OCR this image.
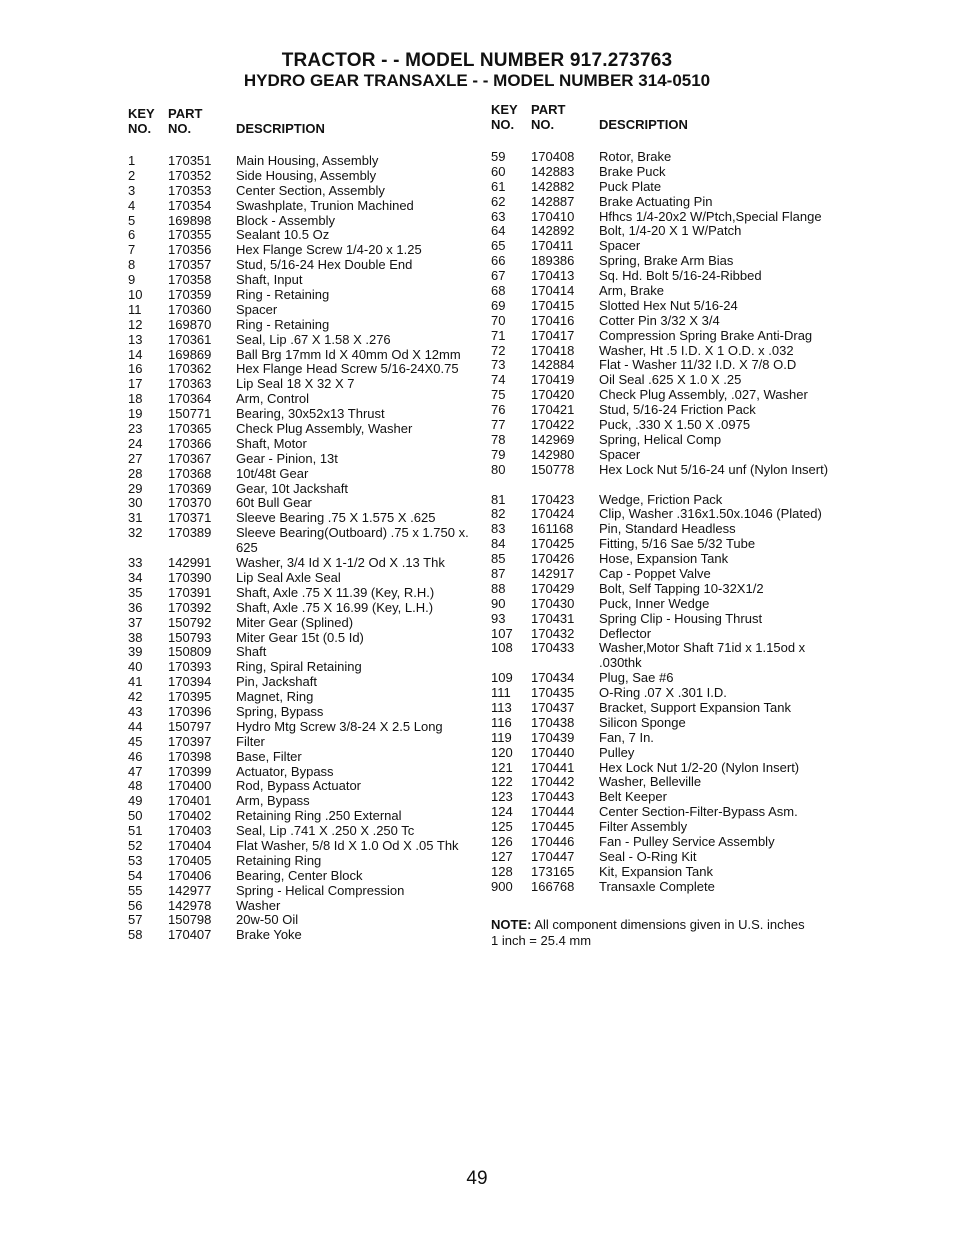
TRACTOR - - MODEL NUMBER 917.273763
HYDRO GEAR TRANSAXLE - - MODEL NUMBER 314-0510
KEY
NO.
PART
NO.	DESCRIPTION
1	170351 Main Housing, Assembly
2	170352 Side Housing, Assembly
3	170353 Center Section, Assembly
4	170354 Swashplate, Trunion Machined
5	169898 Block - Assembly
6	170355 Sealant 10.5 Oz
7	170356 Hex Flange Screw 1/4-20 x 1.25
8	170357 Stud, 5/16-24 Hex Double End
9	170358 Shaft, Input
10 170359 Ring - Retaining
11 170360 Spacer
12 169870 Ring - Retaining
13 170361 Seal, Lip .67 X 1.58 X .276
14 169869 Ball Brg 17mm Id X 40mm Od X 12mm
16 170362 Hex Flange Head Screw 5/16-24X0.75
17 170363 Lip Seal 18 X 32 X 7
18 170364 Arm, Control
19 150771 Bearing, 30x52x13 Thrust
23 170365 Check Plug Assembly, Washer
24 170366 Shaft, Motor
27 170367 Gear - Pinion, 13t
28 170368 10t/48t Gear
29 170369 Gear, 10t Jackshaft
30 170370 60t Bull Gear
31 170371 Sleeve Bearing .75 X 1.575 X .625
32 170389 Sleeve Bearing(Outboard) .75 x 1.750 x. 625
33 142991 Washer, 3/4 Id X 1-1/2 Od X .13 Thk
34 170390 Lip Seal Axle Seal
35 170391 Shaft, Axle .75 X 11.39 (Key, R.H.)
36 170392 Shaft, Axle .75 X 16.99 (Key, L.H.)
37 150792 Miter Gear (Splined)
38 150793 Miter Gear 15t (0.5 Id)
39 150809 Shaft
40 170393 Ring, Spiral Retaining
41 170394 Pin, Jackshaft
42 170395 Magnet, Ring
43 170396 Spring, Bypass
44 150797 Hydro Mtg Screw 3/8-24 X 2.5 Long
45 170397 Filter
46 170398 Base, Filter
47 170399 Actuator, Bypass
48 170400 Rod, Bypass Actuator
49 170401 Arm, Bypass
50 170402 Retaining Ring .250 External
51 170403 Seal, Lip .741 X .250 X .250 Tc
52 170404 Flat Washer, 5/8 Id X 1.0 Od X .05 Thk
53 170405 Retaining Ring
54 170406 Bearing, Center Block
55 142977 Spring - Helical Compression
56 142978 Washer
57 150798 20w-50 Oil
58 170407 Brake Yoke
KEY
NO.
PART
NO.	DESCRIPTION
59 170408 Rotor, Brake
60 142883 Brake Puck
61 142882 Puck Plate
62 142887 Brake Actuating Pin
63 170410 Hfhcs 1/4-20x2 W/Ptch,Special Flange
64 142892 Bolt, 1/4-20 X 1 W/Patch
65 170411 Spacer
66 189386 Spring, Brake Arm Bias
67 170413 Sq. Hd. Bolt 5/16-24-Ribbed
68 170414 Arm, Brake
69 170415 Slotted Hex Nut 5/16-24
70 170416 Cotter Pin 3/32 X 3/4
71 170417 Compression Spring Brake Anti-Drag
72 170418 Washer, Ht .5 I.D. X 1 O.D. x .032
73 142884 Flat - Washer 11/32 I.D. X 7/8 O.D
74 170419 Oil Seal .625 X 1.0 X .25
75 170420 Check Plug Assembly, .027, Washer
76 170421 Stud, 5/16-24 Friction Pack
77 170422 Puck, .330 X 1.50 X .0975
78 142969 Spring, Helical Comp
79 142980 Spacer
80 150778 Hex Lock Nut 5/16-24 unf (Nylon Insert)
81 170423 Wedge, Friction Pack
82 170424 Clip, Washer .316x1.50x.1046 (Plated)
83 161168 Pin, Standard Headless
84 170425 Fitting, 5/16 Sae 5/32 Tube
85 170426 Hose, Expansion Tank
87 142917 Cap - Poppet Valve
88 170429 Bolt, Self Tapping 10-32X1/2
90 170430 Puck, Inner Wedge
93 170431 Spring Clip - Housing Thrust
107 170432 Deflector
108 170433 Washer,Motor Shaft 71id x 1.15od x .030thk
109 170434 Plug, Sae #6
111 170435 O-Ring .07 X .301 I.D.
113 170437 Bracket, Support Expansion Tank
116 170438 Silicon Sponge
119 170439 Fan, 7 In.
120 170440 Pulley
121 170441 Hex Lock Nut 1/2-20 (Nylon Insert)
122 170442 Washer, Belleville
123 170443 Belt Keeper
124 170444 Center Section-Filter-Bypass Asm.
125 170445 Filter Assembly
126 170446 Fan - Pulley Service Assembly
127 170447 Seal - O-Ring Kit
128 173165 Kit, Expansion Tank
900 166768 Transaxle Complete
NOTE: All component dimensions given in U.S. inches
1 inch = 25.4 mm
49
